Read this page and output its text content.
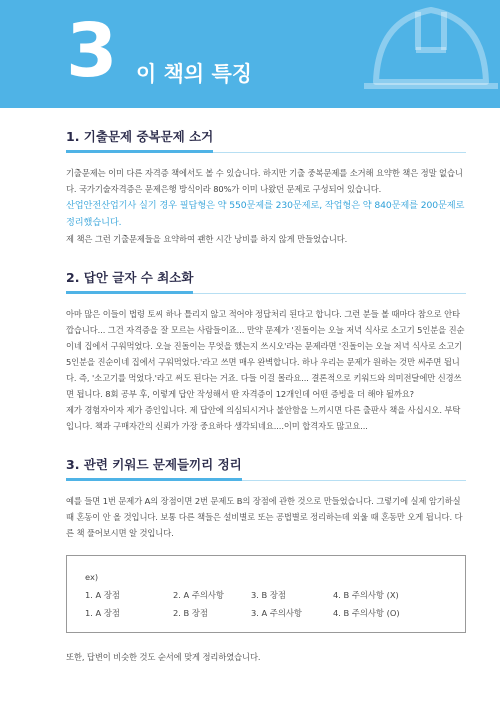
3 이 책의 특징
1. 기출문제 중복문제 소거

기출문제는 이미 다른 자격증 책에서도 볼 수 있습니다. 하지만 기출 중복문제를 소거해 요약한 책은 정말 없습니다. 국가기술자격증은 문제은행 방식이라 80%가 이미 나왔던 문제로 구성되어 있습니다.

산업안전산업기사 실기 경우 필답형은 약 550문제를 230문제로, 작업형은 약 840문제를 200문제로 정리했습니다.

제 책은 그런 기출문제들을 요약하여 괜한 시간 낭비를 하지 않게 만들었습니다.

2. 답안 글자 수 최소화

아마 많은 이들이 법령 토씨 하나 틀리지 않고 적어야 정답처리 된다고 합니다. 그런 분들 볼 때마다 참으로 안타깝습니다... 그건 자격증을 잘 모르는 사람들이죠... 만약 문제가 '진돌이는 오늘 저녁 식사로 소고기 5인분을 진순이네 집에서 구워먹었다. 오늘 진돌이는 무엇을 했는지 쓰시오'라는 문제라면 '진돌이는 오늘 저녁 식사로 소고기 5인분을 진순이네 집에서 구워먹었다.'라고 쓰면 매우 완벽합니다. 하나 우리는 문제가 원하는 것만 써주면 됩니다. 즉, '소고기를 먹었다.'라고 써도 된다는 거죠. 다들 이걸 몰라요... 결론적으로 키워드와 의미전달에만 신경쓰면 됩니다. 8회 공부 후, 이렇게 답안 작성해서 딴 자격증이 12개인데 어떤 증빙을 더 해야 될까요?

제가 경험자이자 제가 증인입니다. 제 답안에 의심되시거나 불안함을 느끼시면 다른 출판사 책을 사십시오. 부탁입니다. 책과 구매자간의 신뢰가 가장 중요하다 생각되네요....이미 합격자도 많고요...

3. 관련 키워드 문제들끼리 정리

예를 들면 1번 문제가 A의 장점이면 2번 문제도 B의 장점에 관한 것으로 만들었습니다. 그렇기에 실제 암기하실 때 혼동이 안 올 것입니다. 보통 다른 책들은 설비별로 또는 공법별로 정리하는데 외울 때 혼동만 오게 됩니다. 다른 책 풀어보시면 알 것입니다.

ex)
1. A 장점	2. A 주의사항	3. B 장점	4. B 주의사항 (X)
1. A 장점	2. B 장점	3. A 주의사항	4. B 주의사항 (O)

또한, 답변이 비슷한 것도 순서에 맞게 정리하였습니다.
